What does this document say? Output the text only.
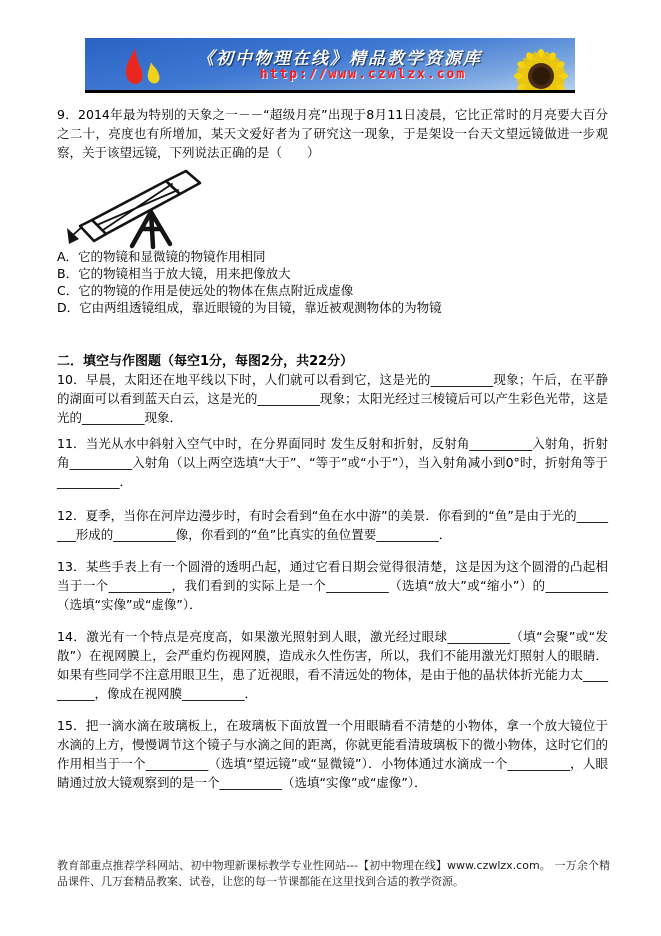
《初中物理在线》精品教学资源库
http://www.czwlzx.com
9．2014年最为特别的天象之一－－“超级月亮”出现于8月11日凌晨，它比正常时的月亮要大百分之二十，亮度也有所增加，某天文爱好者为了研究这一现象，于是架设一台天文望远镜做进一步观察，关于该望远镜，下列说法正确的是（　　）
A．它的物镜和显微镜的物镜作用相同
B．它的物镜相当于放大镜，用来把像放大
C．它的物镜的作用是使远处的物体在焦点附近成虚像
D．它由两组透镜组成，靠近眼镜的为目镜，靠近被观测物体的为物镜
二．填空与作图题（每空1分，每图2分，共22分）
10．早晨，太阳还在地平线以下时，人们就可以看到它，这是光的__________现象；午后，在平静的湖面可以看到蓝天白云，这是光的__________现象；太阳光经过三棱镜后可以产生彩色光带，这是光的__________现象．
11．当光从水中斜射入空气中时，在分界面同时 发生反射和折射，反射角__________入射角，折射角__________入射角（以上两空选填“大于”、“等于”或“小于”），当入射角减小到0°时，折射角等于__________．
12．夏季，当你在河岸边漫步时，有时会看到“鱼在水中游”的美景．你看到的“鱼”是由于光的________形成的__________像，你看到的“鱼”比真实的鱼位置要__________．
13．某些手表上有一个圆滑的透明凸起，通过它看日期会觉得很清楚，这是因为这个圆滑的凸起相当于一个__________，我们看到的实际上是一个__________（选填“放大”或“缩小”）的__________（选填“实像”或“虚像”）．
14．激光有一个特点是亮度高，如果激光照射到人眼，激光经过眼球__________（填“会聚”或“发散”）在视网膜上，会严重灼伤视网膜，造成永久性伤害，所以，我们不能用激光灯照射人的眼睛．如果有些同学不注意用眼卫生，患了近视眼，看不清远处的物体，是由于他的晶状体折光能力太__________，像成在视网膜__________．
15．把一滴水滴在玻璃板上，在玻璃板下面放置一个用眼睛看不清楚的小物体，拿一个放大镜位于水滴的上方，慢慢调节这个镜子与水滴之间的距离，你就更能看清玻璃板下的微小物体，这时它们的作用相当于一个__________（选填“望远镜”或“显微镜”）．小物体通过水滴成一个__________，人眼睛通过放大镜观察到的是一个__________（选填“实像”或“虚像”）．
教育部重点推荐学科网站、初中物理新课标教学专业性网站---【初中物理在线】www.czwlzx.com。 一万余个精品课件、几万套精品教案、试卷，让您的每一节课都能在这里找到合适的教学资源。
